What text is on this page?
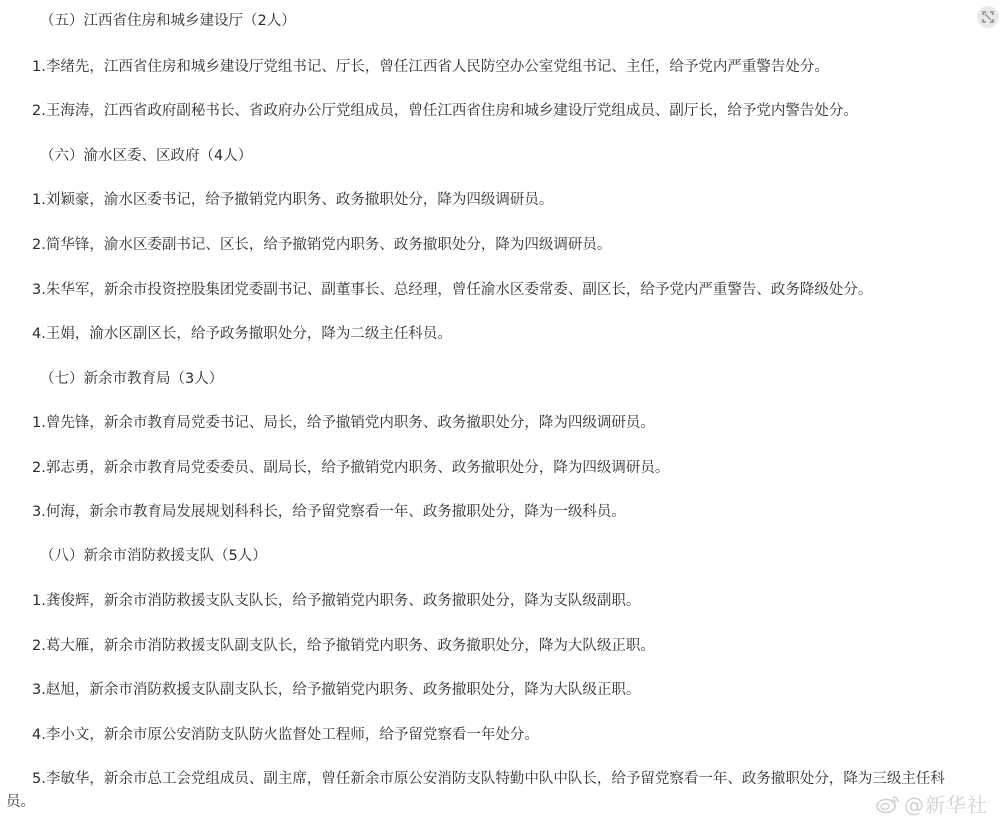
（五）江西省住房和城乡建设厅（2人）
1.李绪先，江西省住房和城乡建设厅党组书记、厅长，曾任江西省人民防空办公室党组书记、主任，给予党内严重警告处分。
2.王海涛，江西省政府副秘书长、省政府办公厅党组成员，曾任江西省住房和城乡建设厅党组成员、副厅长，给予党内警告处分。
（六）渝水区委、区政府（4人）
1.刘颖豪，渝水区委书记，给予撤销党内职务、政务撤职处分，降为四级调研员。
2.简华锋，渝水区委副书记、区长，给予撤销党内职务、政务撤职处分，降为四级调研员。
3.朱华军，新余市投资控股集团党委副书记、副董事长、总经理，曾任渝水区委常委、副区长，给予党内严重警告、政务降级处分。
4.王娟，渝水区副区长，给予政务撤职处分，降为二级主任科员。
（七）新余市教育局（3人）
1.曾先锋，新余市教育局党委书记、局长，给予撤销党内职务、政务撤职处分，降为四级调研员。
2.郭志勇，新余市教育局党委委员、副局长，给予撤销党内职务、政务撤职处分，降为四级调研员。
3.何海，新余市教育局发展规划科科长，给予留党察看一年、政务撤职处分，降为一级科员。
（八）新余市消防救援支队（5人）
1.龚俊辉，新余市消防救援支队支队长，给予撤销党内职务、政务撤职处分，降为支队级副职。
2.葛大雁，新余市消防救援支队副支队长，给予撤销党内职务、政务撤职处分，降为大队级正职。
3.赵旭，新余市消防救援支队副支队长，给予撤销党内职务、政务撤职处分，降为大队级正职。
4.李小文，新余市原公安消防支队防火监督处工程师，给予留党察看一年处分。
5.李敏华，新余市总工会党组成员、副主席，曾任新余市原公安消防支队特勤中队中队长，给予留党察看一年、政务撤职处分，降为三级主任科
员。	@新华社
